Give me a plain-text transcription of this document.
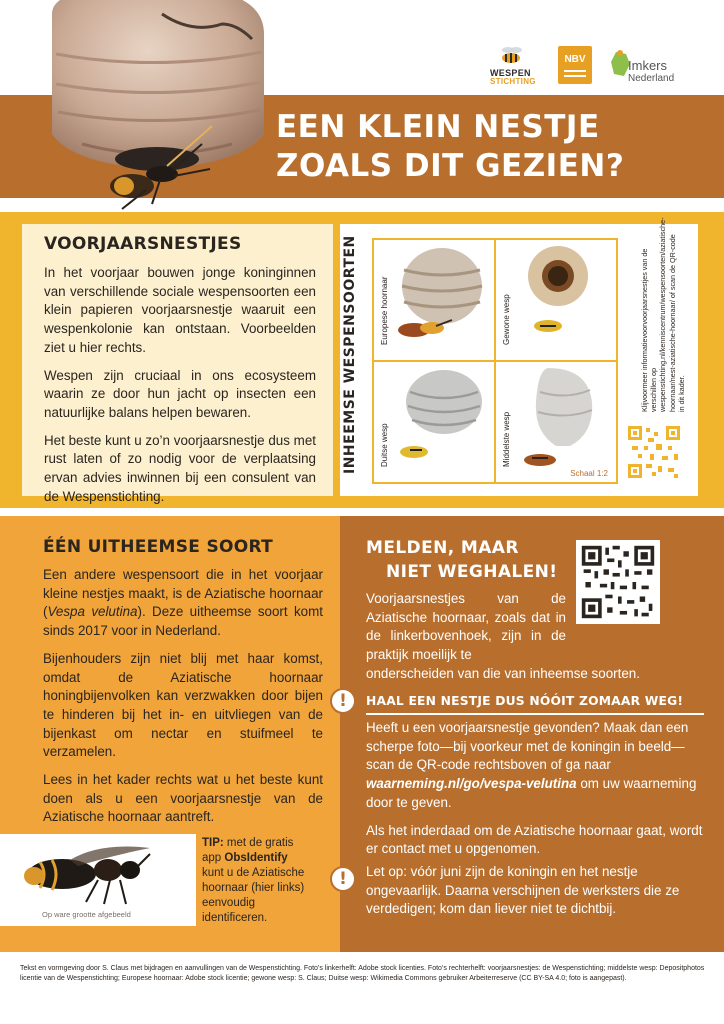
WESPEN
STICHTING
NBV	Imkers
Nederland
EEN KLEIN NESTJE
ZOALS DIT GEZIEN?
VOORJAARSNESTJES

In het voorjaar bouwen jonge koninginnen van verschillende sociale wespensoorten een klein papieren voorjaarsnestje waaruit een wespenkolonie kan ontstaan. Voorbeelden ziet u hier rechts.

Wespen zijn cruciaal in ons ecosysteem waarin ze door hun jacht op insecten een natuurlijke balans helpen bewaren.

Het beste kunt u zo’n voorjaarsnestje dus met rust laten of zo nodig voor de verplaatsing ervan advies inwinnen bij een consulent van de Wespenstichting.

INHEEMSE WESPENSOORTEN	Europese hoornaar	Gewone wesp
Duitse wesp	Middelste wesp
Schaal 1:2
Klijvoormeer informatievoorvoorjaarsnestjes van de verschillen op wespenstichting.nl/kenniscentrum/wespensoorten/aziatische-hoornaar/nest-aziatische-hoornaar/ of scan de QR-code in dit kader.
ÉÉN UITHEEMSE SOORT

Een andere wespensoort die in het voorjaar kleine nestjes maakt, is de Aziatische hoornaar (Vespa velutina). Deze uitheemse soort komt sinds 2017 voor in Nederland.

Bijenhouders zijn niet blij met haar komst, omdat de Aziatische hoornaar honingbijenvolken kan verzwakken door bijen te hinderen bij het in- en uitvliegen van de bijenkast om nectar en stuifmeel te verzamelen.

Lees in het kader rechts wat u het beste kunt doen als u een voorjaarsnestje van de Aziatische hoornaar aantreft.

Op ware grootte afgebeeld
TIP: met de gratis app ObsIdentify kunt u de Aziatische hoornaar (hier links) eenvoudig identificeren.
MELDEN, MAAR
NIET WEGHALEN!
Voorjaarsnestjes van de Aziatische hoornaar, zoals dat in de linkerbovenhoek, zijn in de praktijk moeilijk te
onderscheiden van die van inheemse soorten.
!	HAAL EEN NESTJE DUS NÓÓIT ZOMAAR WEG!

Heeft u een voorjaarsnestje gevonden? Maak dan een scherpe foto—bij voorkeur met de koningin in beeld—scan de QR-code rechtsboven of ga naar waarneming.nl/go/vespa-velutina om uw waarneming door te geven.

Als het inderdaad om de Aziatische hoornaar gaat, wordt er contact met u opgenomen.

!	Let op: vóór juni zijn de koningin en het nestje ongevaarlijk. Daarna verschijnen de werksters die ze verdedigen; kom dan liever niet te dichtbij.
Tekst en vormgeving door S. Claus met bijdragen en aanvullingen van de Wespenstichting. Foto’s linkerhelft: Adobe stock licenties. Foto’s rechterhelft: voorjaarsnestjes: de Wespenstichting; middelste wesp: Depositphotos licentie van de Wespenstichting; Europese hoornaar: Adobe stock licentie; gewone wesp: S. Claus; Duitse wesp: Wikimedia Commons gebruiker Arbeiterreserve (CC BY-SA 4.0; foto is aangepast).
